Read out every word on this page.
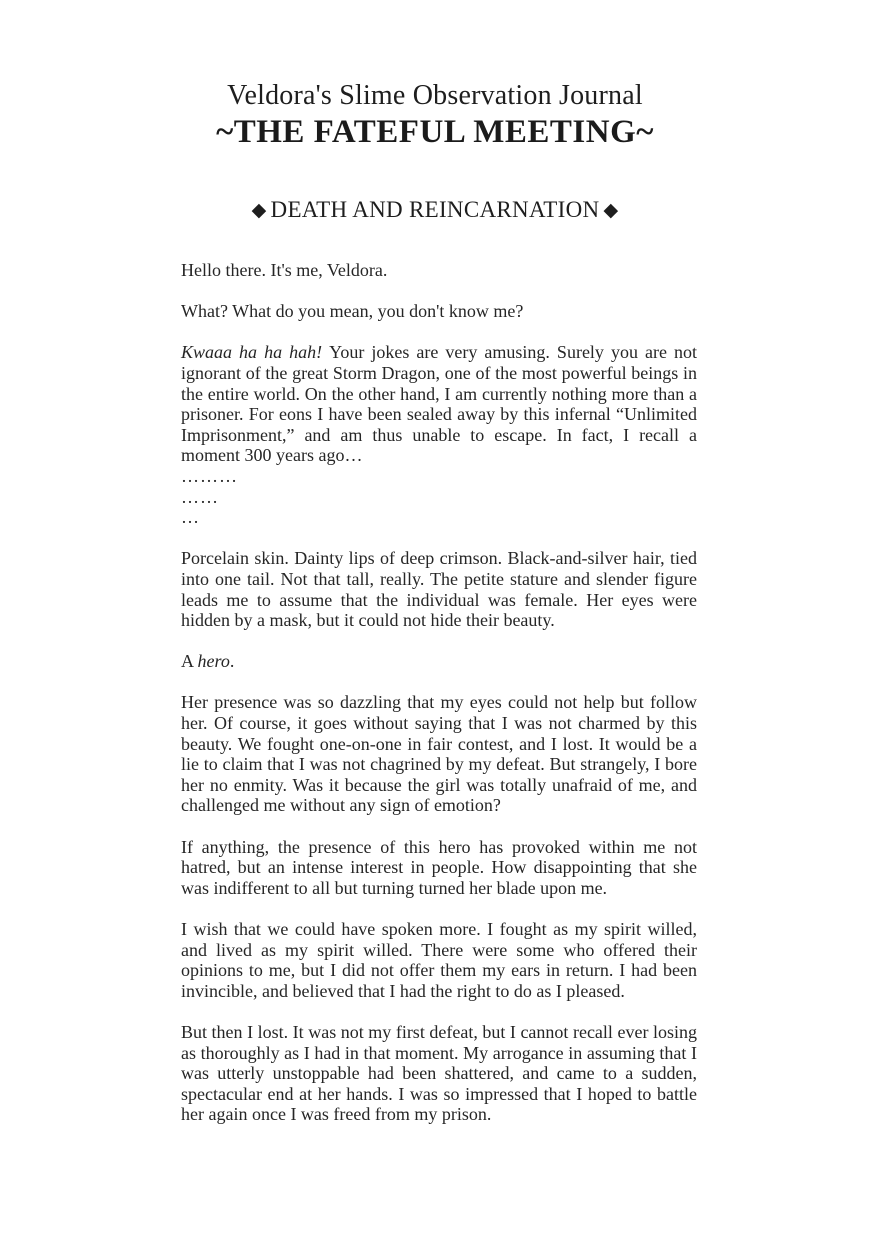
Veldora's Slime Observation Journal
~THE FATEFUL MEETING~
◆ DEATH AND REINCARNATION ◆
Hello there. It's me, Veldora.
What? What do you mean, you don't know me?
Kwaaa ha ha hah! Your jokes are very amusing. Surely you are not ignorant of the great Storm Dragon, one of the most powerful beings in the entire world. On the other hand, I am currently nothing more than a prisoner. For eons I have been sealed away by this infernal “Unlimited Imprisonment,” and am thus unable to escape. In fact, I recall a moment 300 years ago…
………
……
…
Porcelain skin. Dainty lips of deep crimson. Black-and-silver hair, tied into one tail. Not that tall, really. The petite stature and slender figure leads me to assume that the individual was female. Her eyes were hidden by a mask, but it could not hide their beauty.
A hero.
Her presence was so dazzling that my eyes could not help but follow her. Of course, it goes without saying that I was not charmed by this beauty. We fought one-on-one in fair contest, and I lost. It would be a lie to claim that I was not chagrined by my defeat. But strangely, I bore her no enmity. Was it because the girl was totally unafraid of me, and challenged me without any sign of emotion?
If anything, the presence of this hero has provoked within me not hatred, but an intense interest in people. How disappointing that she was indifferent to all but turning turned her blade upon me.
I wish that we could have spoken more. I fought as my spirit willed, and lived as my spirit willed. There were some who offered their opinions to me, but I did not offer them my ears in return. I had been invincible, and believed that I had the right to do as I pleased.
But then I lost. It was not my first defeat, but I cannot recall ever losing as thoroughly as I had in that moment. My arrogance in assuming that I was utterly unstoppable had been shattered, and came to a sudden, spectacular end at her hands. I was so impressed that I hoped to battle her again once I was freed from my prison.
